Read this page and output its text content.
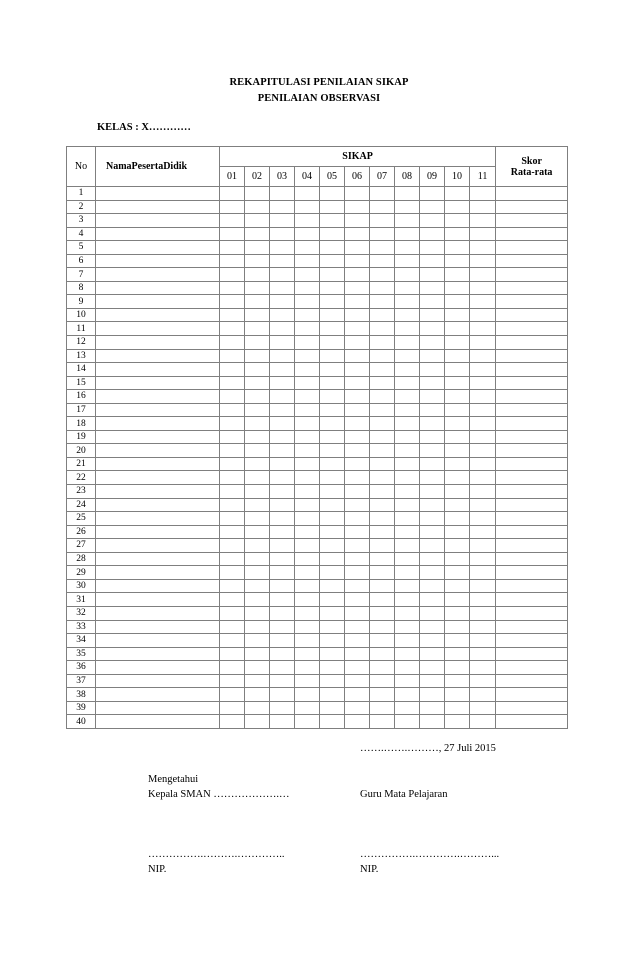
REKAPITULASI PENILAIAN SIKAP
PENILAIAN OBSERVASI
KELAS : X…………
No	NamaPesertaDidik	SIKAP											Skor
Rata-rata

		01	02	03	04	05	06	07	08	09	10	11	
1													
2													
3													
4													
5													
6													
7													
8													
9													
10													
11													
12													
13													
14													
15													
16													
17													
18													
19													
20													
21													
22													
23													
24													
25													
26													
27													
28													
29													
30													
31													
32													
33													
34													
35													
36													
37													
38													
39													
40													
…….…….………, 27 Juli 2015
Mengetahui
Kepala SMAN ……………….…	Guru Mata Pelajaran
…………….……….…………..	…………….………….………...
NIP.	NIP.
